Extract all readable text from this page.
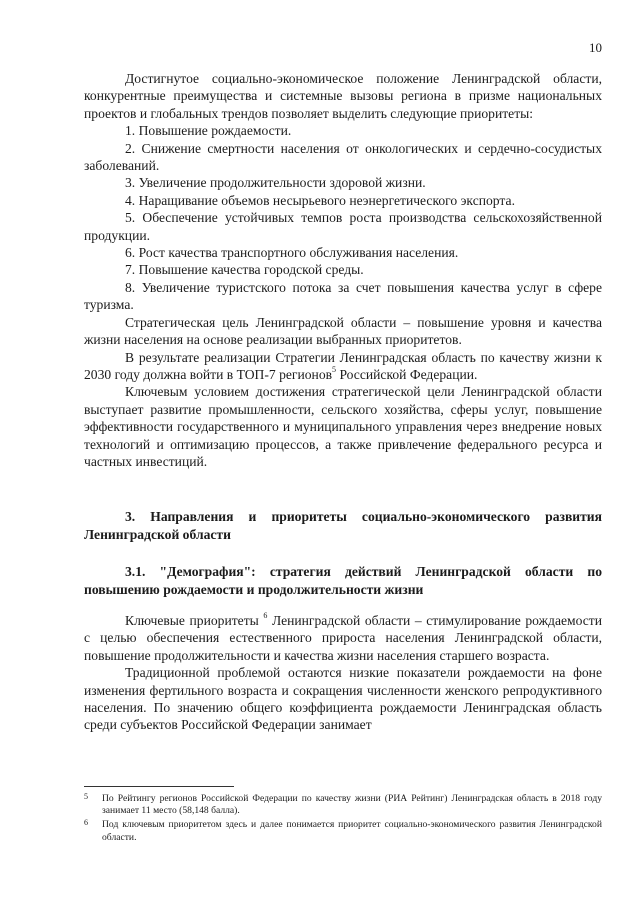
10

Достигнутое социально-экономическое положение Ленинградской области, конкурентные преимущества и системные вызовы региона в призме национальных проектов и глобальных трендов позволяет выделить следующие приоритеты:

1. Повышение рождаемости.

2. Снижение смертности населения от онкологических и сердечно-сосудистых заболеваний.

3. Увеличение продолжительности здоровой жизни.

4. Наращивание объемов несырьевого неэнергетического экспорта.

5. Обеспечение устойчивых темпов роста производства сельскохозяйственной продукции.

6. Рост качества транспортного обслуживания населения.

7. Повышение качества городской среды.

8. Увеличение туристского потока за счет повышения качества услуг в сфере туризма.

Стратегическая цель Ленинградской области – повышение уровня и качества жизни населения на основе реализации выбранных приоритетов.

В результате реализации Стратегии Ленинградская область по качеству жизни к 2030 году должна войти в ТОП-7 регионов$^5$ Российской Федерации.

Ключевым условием достижения стратегической цели Ленинградской области выступает развитие промышленности, сельского хозяйства, сферы услуг, повышение эффективности государственного и муниципального управления через внедрение новых технологий и оптимизацию процессов, а также привлечение федерального ресурса и частных инвестиций.

3. Направления и приоритеты социально-экономического развития Ленинградской области

3.1. "Демография": стратегия действий Ленинградской области по повышению рождаемости и продолжительности жизни

Ключевые приоритеты $^6$ Ленинградской области – стимулирование рождаемости с целью обеспечения естественного прироста населения Ленинградской области, повышение продолжительности и качества жизни населения старшего возраста.

Традиционной проблемой остаются низкие показатели рождаемости на фоне изменения фертильного возраста и сокращения численности женского репродуктивного населения. По значению общего коэффициента рождаемости Ленинградская область среди субъектов Российской Федерации занимает

5	По Рейтингу регионов Российской Федерации по качеству жизни (РИА Рейтинг) Ленинградская область в 2018 году занимает 11 место (58,148 балла).
6	Под ключевым приоритетом здесь и далее понимается приоритет социально-экономического развития Ленинградской области.
